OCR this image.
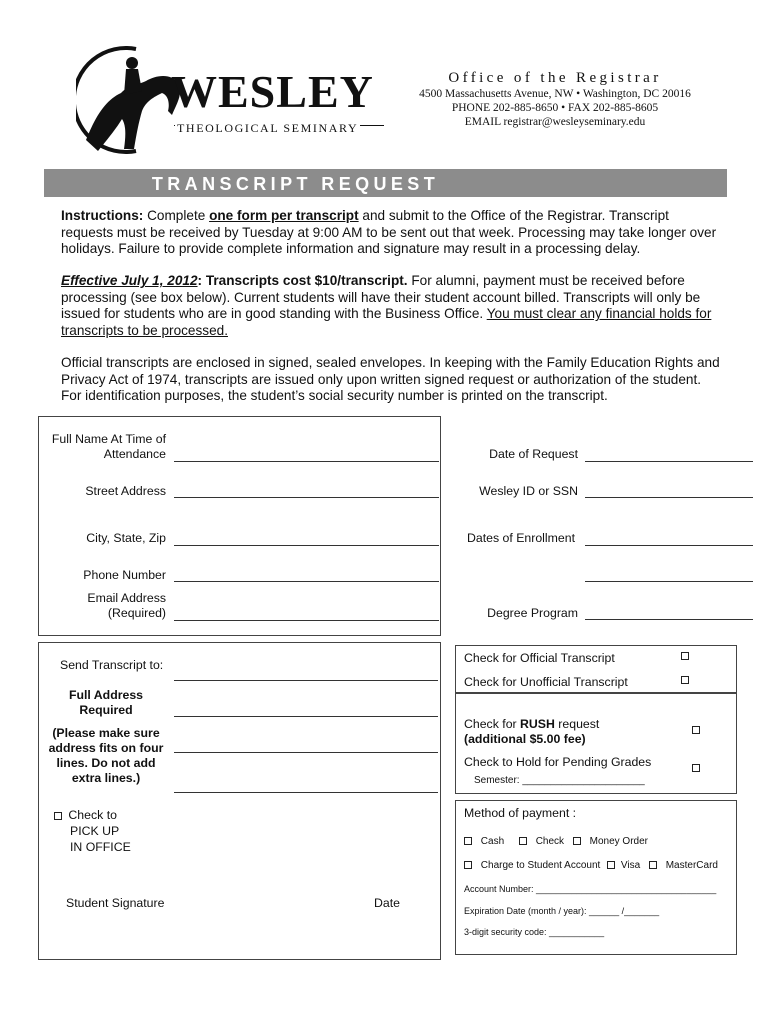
WESLEY
THEOLOGICAL SEMINARY
Office of the Registrar
4500 Massachusetts Avenue, NW • Washington, DC 20016
PHONE 202-885-8650 • FAX 202-885-8605
EMAIL registrar@wesleyseminary.edu
TRANSCRIPT REQUEST
Instructions: Complete one form per transcript and submit to the Office of the Registrar. Transcript requests must be received by Tuesday at 9:00 AM to be sent out that week. Processing may take longer over holidays. Failure to provide complete information and signature may result in a processing delay.
Effective July 1, 2012: Transcripts cost $10/transcript. For alumni, payment must be received before processing (see box below). Current students will have their student account billed. Transcripts will only be issued for students who are in good standing with the Business Office. You must clear any financial holds for transcripts to be processed.
Official transcripts are enclosed in signed, sealed envelopes. In keeping with the Family Education Rights and Privacy Act of 1974, transcripts are issued only upon written signed request or authorization of the student. For identification purposes, the student’s social security number is printed on the transcript.
Full Name At Time of
Attendance
Street Address
City, State, Zip
Phone Number
Email Address
(Required)
Date of Request
Wesley ID or SSN
Dates of Enrollment
Degree Program
Send Transcript to:
Full Address
Required
(Please make sure
address fits on four
lines. Do not add
extra lines.)
Check to
PICK UP
IN OFFICE
Student Signature	Date
Check for Official Transcript
Check for Unofficial Transcript
Check for RUSH request
(additional $5.00 fee)
Check to Hold for Pending Grades
Semester: ______________________
Method of payment :
Cash	Check	Money Order
Charge to Student Account Visa	MasterCard
Account Number: ____________________________________
Expiration Date (month / year): ______ /_______
3-digit security code: ___________
